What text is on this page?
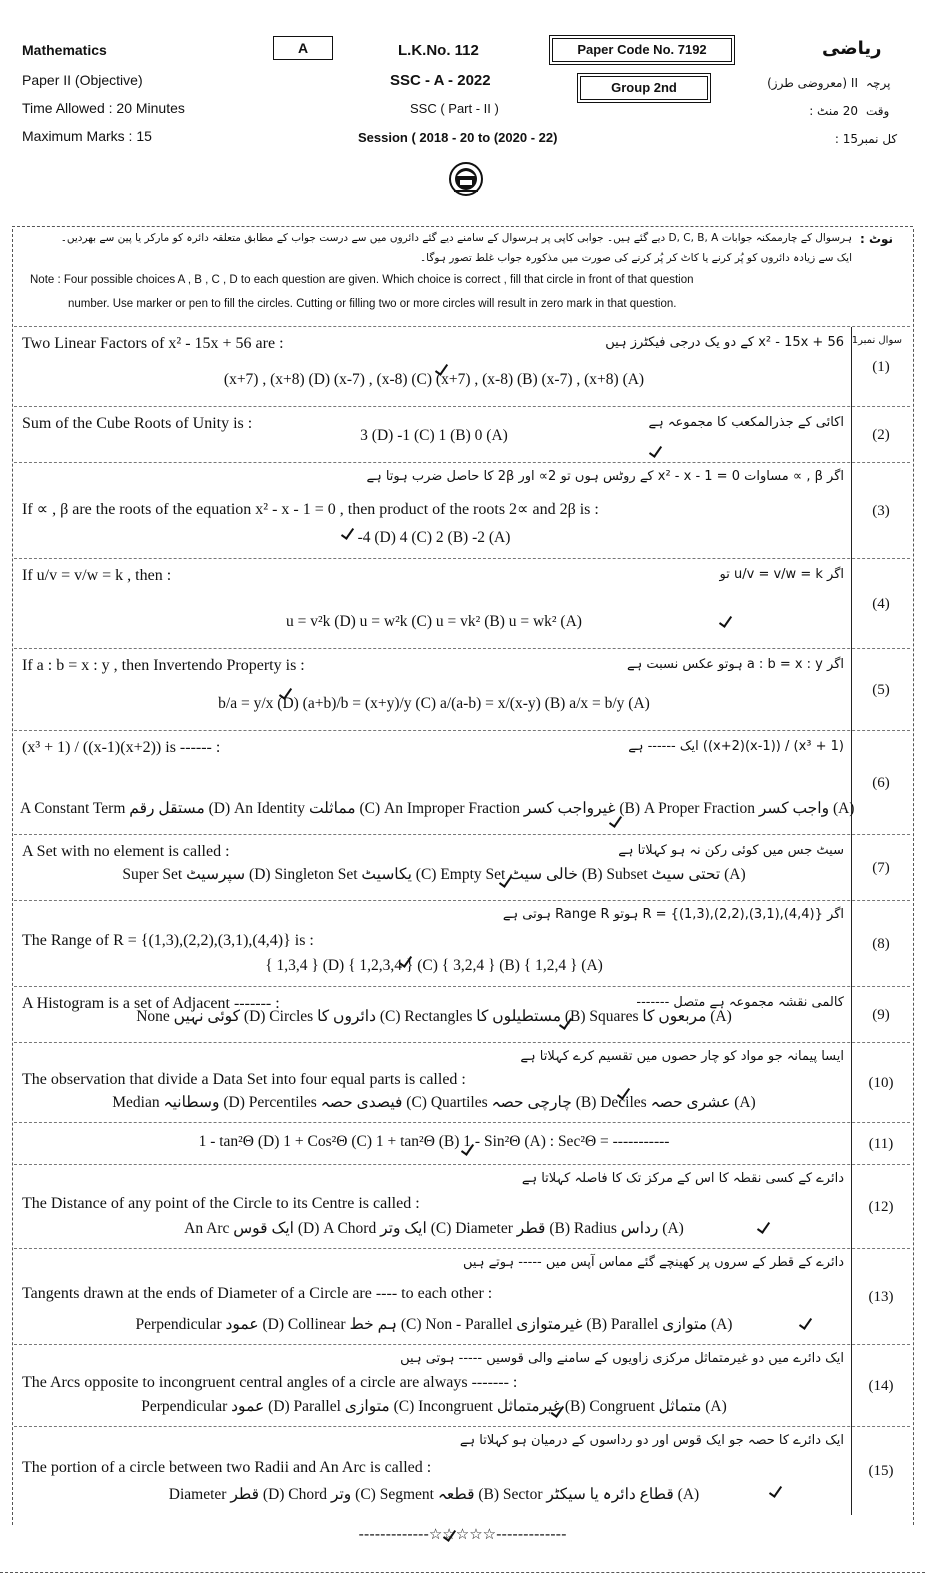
Mathematics
Paper II (Objective)
Time Allowed : 20 Minutes
Maximum Marks : 15
A	L.K.No. 112
SSC - A - 2022
SSC ( Part - II )
Session ( 2018 - 20 to (2020 - 22)
Paper Code No. 7192
Group 2nd
ریاضی
II (معروضی طرز) پرچہ
20 منٹ : وقت
15 : کل نمبر
نوٹ :
ہرسوال کے چارممکنہ جوابات D, C, B, A دیے گئے ہیں۔ جوابی کاپی پر ہرسوال کے سامنے دیے گئے دائروں میں سے درست جواب کے مطابق متعلقہ دائرہ کو مارکر یا پین سے بھردیں۔
ایک سے زیادہ دائروں کو پُر کرنے یا کاٹ کر پُر کرنے کی صورت میں مذکورہ جواب غلط تصور ہوگا۔
Note : Four possible choices A , B , C , D to each question are given. Which choice is correct , fill that circle in front of that question
number. Use marker or pen to fill the circles. Cutting or filling two or more circles will result in zero mark in that question.
(1)
سوال نمبر1
Two Linear Factors of x² - 15x + 56 are :	x² - 15x + 56 کے دو یک درجی فیکٹرز ہیں
(x+7) , (x+8) (D) (x-7) , (x-8) (C) (x+7) , (x-8) (B) (x-7) , (x+8) (A)
(2)
Sum of the Cube Roots of Unity is :	اکائی کے جذرالمکعب کا مجموعہ ہے
3 (D) -1 (C) 1 (B) 0 (A)
(3)
اگر β , ∝ مساوات x² - x - 1 = 0 کے روٹس ہوں تو 2∝ اور 2β کا حاصل ضرب ہوتا ہے
If ∝ , β are the roots of the equation x² - x - 1 = 0 , then product of the roots 2∝ and 2β is :
-4 (D) 4 (C) 2 (B) -2 (A)
(4)
If u/v = v/w = k , then :	اگر u/v = v/w = k تو
u = v²k (D) u = w²k (C) u = vk² (B) u = wk² (A)
(5)
If a : b = x : y , then Invertendo Property is :	اگر a : b = x : y ہوتو عکس نسبت ہے
b/a = y/x (D) (a+b)/b = (x+y)/y (C) a/(a-b) = x/(x-y) (B) a/x = b/y (A)
(6)
(x³ + 1) / ((x-1)(x+2)) is ------ :	(x³ + 1) / ((x-1)(x+2)) ایک ------ ہے
A Constant Term مستقل رقم (D) An Identity مماثلت (C) An Improper Fraction غیرواجب کسر (B) A Proper Fraction واجب کسر (A)
(7)
A Set with no element is called :	سیٹ جس میں کوئی رکن نہ ہو کہلاتا ہے
Super Set سپرسیٹ (D) Singleton Set یکاسیٹ (C) Empty Set خالی سیٹ (B) Subset تحتی سیٹ (A)
(8)
اگر R = {(1,3),(2,2),(3,1),(4,4)} ہوتو Range R ہوتی ہے
The Range of R = {(1,3),(2,2),(3,1),(4,4)} is :
{ 1,3,4 } (D) { 1,2,3,4 } (C) { 3,2,4 } (B) { 1,2,4 } (A)
(9)
A Histogram is a set of Adjacent ------- :	کالمی نقشہ مجموعہ ہے متصل -------
None کوئی نہیں (D) Circles دائروں کا (C) Rectangles مستطیلوں کا (B) Squares مربعوں کا (A)
(10)
ایسا پیمانہ جو مواد کو چار حصوں میں تقسیم کرے کہلاتا ہے
The observation that divide a Data Set into four equal parts is called :
Median وسطانیہ (D) Percentiles فیصدی حصہ (C) Quartiles چارچی حصہ (B) Deciles عشری حصہ (A)
(11)
1 - tan²Θ (D) 1 + Cos²Θ (C) 1 + tan²Θ (B) 1 - Sin²Θ (A) : Sec²Θ = -----------
(12)
دائرے کے کسی نقطہ کا اس کے مرکز تک کا فاصلہ کہلاتا ہے
The Distance of any point of the Circle to its Centre is called :
An Arc ایک قوس (D) A Chord ایک وتر (C) Diameter قطر (B) Radius رداس (A)
(13)
دائرے کے قطر کے سروں پر کھینچے گئے مماس آپس میں ----- ہوتے ہیں
Tangents drawn at the ends of Diameter of a Circle are ---- to each other :
Perpendicular عمود (D) Collinear ہم خط (C) Non - Parallel غیرمتوازی (B) Parallel متوازی (A)
(14)
ایک دائرے میں دو غیرمتماثل مرکزی زاویوں کے سامنے والی قوسیں ----- ہوتی ہیں
The Arcs opposite to incongruent central angles of a circle are always ------- :
Perpendicular عمود (D) Parallel متوازی (C) Incongruent غیرمتماثل (B) Congruent متماثل (A)
(15)
ایک دائرے کا حصہ جو ایک قوس اور دو رداسوں کے درمیان ہو کہلاتا ہے
The portion of a circle between two Radii and An Arc is called :
Diameter قطر (D) Chord وتر (C) Segment قطعہ (B) Sector قطاع دائرہ یا سیکٹر (A)
-------------☆☆☆☆☆-------------
